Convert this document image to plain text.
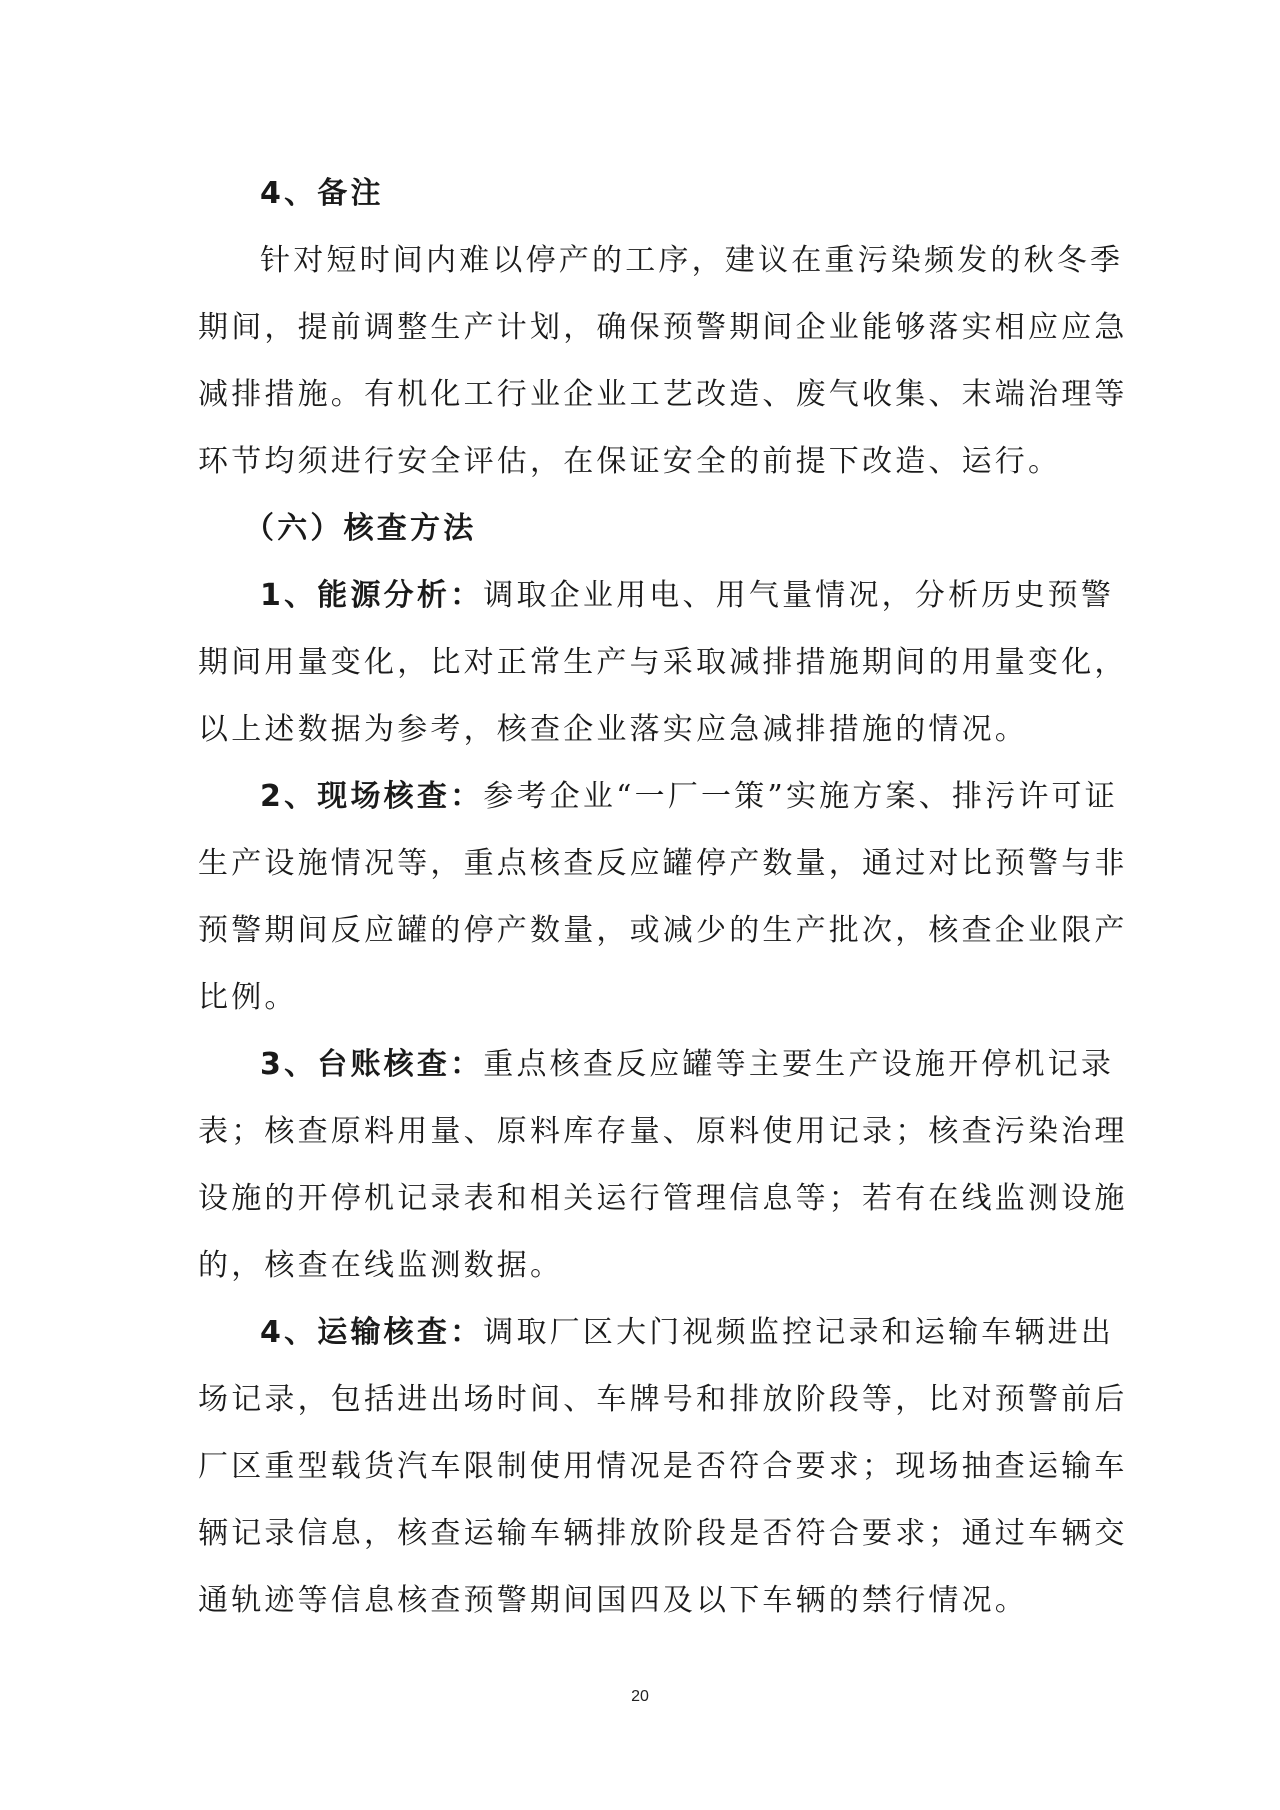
4、备注
针对短时间内难以停产的工序，建议在重污染频发的秋冬季
期间，提前调整生产计划，确保预警期间企业能够落实相应应急
减排措施。有机化工行业企业工艺改造、废气收集、末端治理等
环节均须进行安全评估，在保证安全的前提下改造、运行。
（六）核查方法
1、能源分析：调取企业用电、用气量情况，分析历史预警
期间用量变化，比对正常生产与采取减排措施期间的用量变化，
以上述数据为参考，核查企业落实应急减排措施的情况。
2、现场核查：参考企业“一厂一策”实施方案、排污许可证
生产设施情况等，重点核查反应罐停产数量，通过对比预警与非
预警期间反应罐的停产数量，或减少的生产批次，核查企业限产
比例。
3、台账核查：重点核查反应罐等主要生产设施开停机记录
表；核查原料用量、原料库存量、原料使用记录；核查污染治理
设施的开停机记录表和相关运行管理信息等；若有在线监测设施
的，核查在线监测数据。
4、运输核查：调取厂区大门视频监控记录和运输车辆进出
场记录，包括进出场时间、车牌号和排放阶段等，比对预警前后
厂区重型载货汽车限制使用情况是否符合要求；现场抽查运输车
辆记录信息，核查运输车辆排放阶段是否符合要求；通过车辆交
通轨迹等信息核查预警期间国四及以下车辆的禁行情况。
20
